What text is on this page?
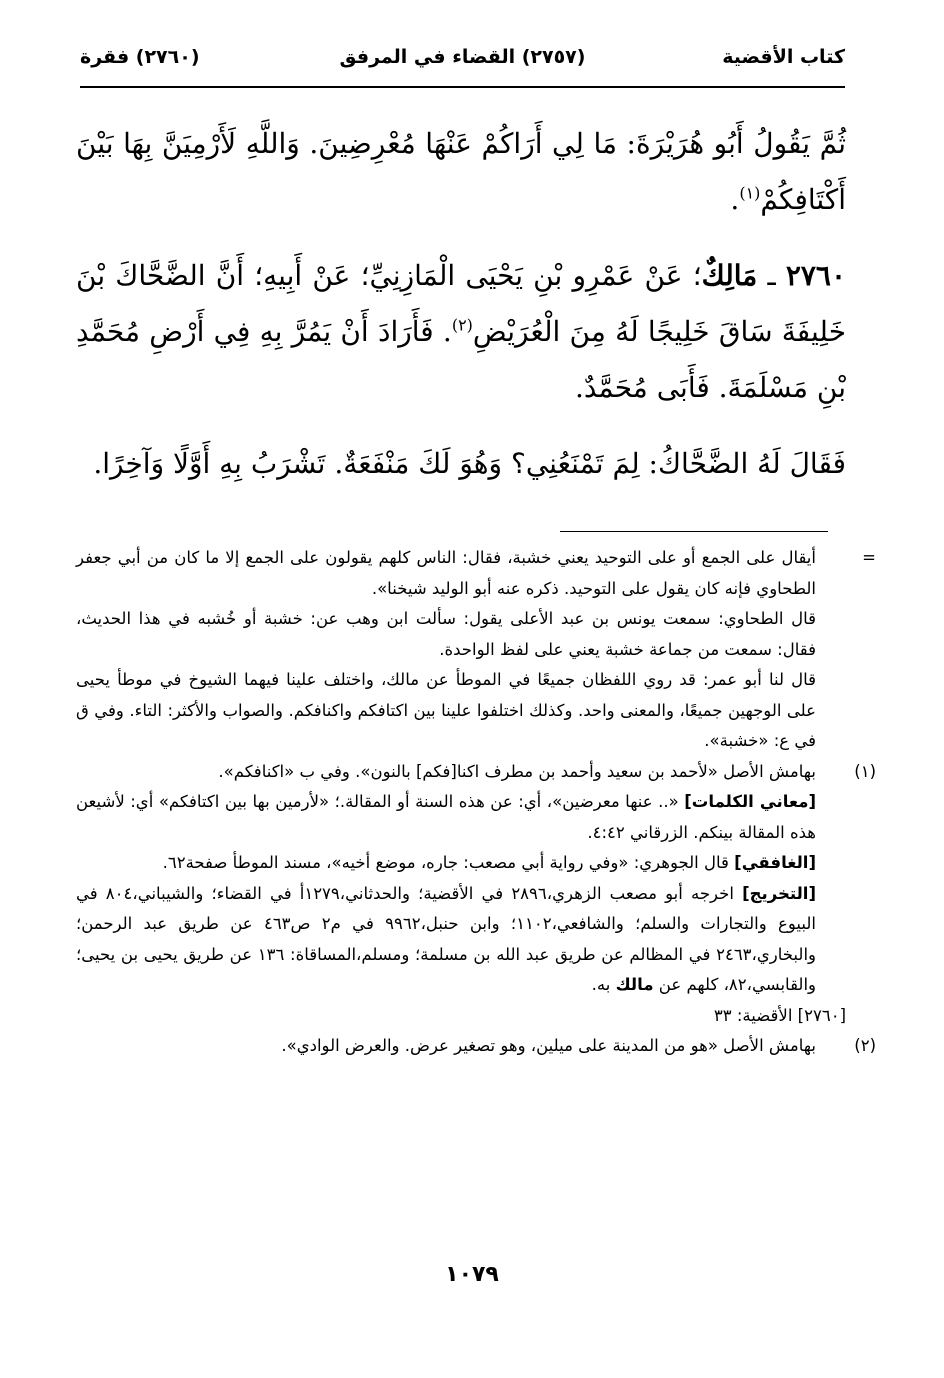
كتاب الأقضية
(٢٧٥٧) القضاء في المرفق
(٢٧٦٠) فقرة

ثُمَّ يَقُولُ أَبُو هُرَيْرَةَ: مَا لِي أَرَاكُمْ عَنْهَا مُعْرِضِينَ. وَاللَّهِ لَأَرْمِيَنَّ بِهَا بَيْنَ أَكْتَافِكُمْ$^{(١)}$.

٢٧٦٠ ـ مَالِكٌ؛ عَنْ عَمْرِو بْنِ يَحْيَى الْمَازِنِيِّ؛ عَنْ أَبِيهِ؛ أَنَّ الضَّحَّاكَ بْنَ خَلِيفَةَ سَاقَ خَلِيجًا لَهُ مِنَ الْعُرَيْضِ$^{(٢)}$. فَأَرَادَ أَنْ يَمُرَّ بِهِ فِي أَرْضِ مُحَمَّدِ بْنِ مَسْلَمَةَ. فَأَبَى مُحَمَّدٌ.

فَقَالَ لَهُ الضَّحَّاكُ: لِمَ تَمْنَعُنِي؟ وَهُوَ لَكَ مَنْفَعَةٌ. تَشْرَبُ بِهِ أَوَّلًا وَآخِرًا.

=أيقال على الجمع أو على التوحيد يعني خشبة، فقال: الناس كلهم يقولون على الجمع إلا ما كان من أبي جعفر الطحاوي فإنه كان يقول على التوحيد. ذكره عنه أبو الوليد شيخنا».

قال الطحاوي: سمعت يونس بن عبد الأعلى يقول: سألت ابن وهب عن: خشبة أو خُشبه في هذا الحديث، فقال: سمعت من جماعة خشبة يعني على لفظ الواحدة.

قال لنا أبو عمر: قد روي اللفظان جميعًا في الموطأ عن مالك، واختلف علينا فيهما الشيوخ في موطأ يحيى على الوجهين جميعًا، والمعنى واحد. وكذلك اختلفوا علينا بين اكتافكم واكنافكم. والصواب والأكثر: التاء. وفي ق في ع: «خشبة».

(١)بهامش الأصل «لأحمد بن سعيد وأحمد بن مطرف اكنا[فكم] بالنون». وفي ب «اكنافكم».

[معاني الكلمات] «.. عنها معرضين»، أي: عن هذه السنة أو المقالة.؛ «لأرمين بها بين اكتافكم» أي: لأشيعن هذه المقالة بينكم. الزرقاني ٤:٤٢.

[الغافقي] قال الجوهري: «وفي رواية أبي مصعب: جاره، موضع أخيه»، مسند الموطأ صفحة٦٢.

[التخريج] اخرجه أبو مصعب الزهري،٢٨٩٦ في الأقضية؛ والحدثاني،١٢٧٩أ في القضاء؛ والشيباني،٨٠٤ في البيوع والتجارات والسلم؛ والشافعي،١١٠٢؛ وابن حنبل،٩٩٦٢ في م٢ ص٤٦٣ عن طريق عبد الرحمن؛ والبخاري،٢٤٦٣ في المظالم عن طريق عبد الله بن مسلمة؛ ومسلم،المساقاة: ١٣٦ عن طريق يحيى بن يحيى؛ والقابسي،٨٢، كلهم عن مالك به.

[٢٧٦٠] الأقضية: ٣٣

(٢)بهامش الأصل «هو من المدينة على ميلين، وهو تصغير عرض. والعرض الوادي».

١٠٧٩
